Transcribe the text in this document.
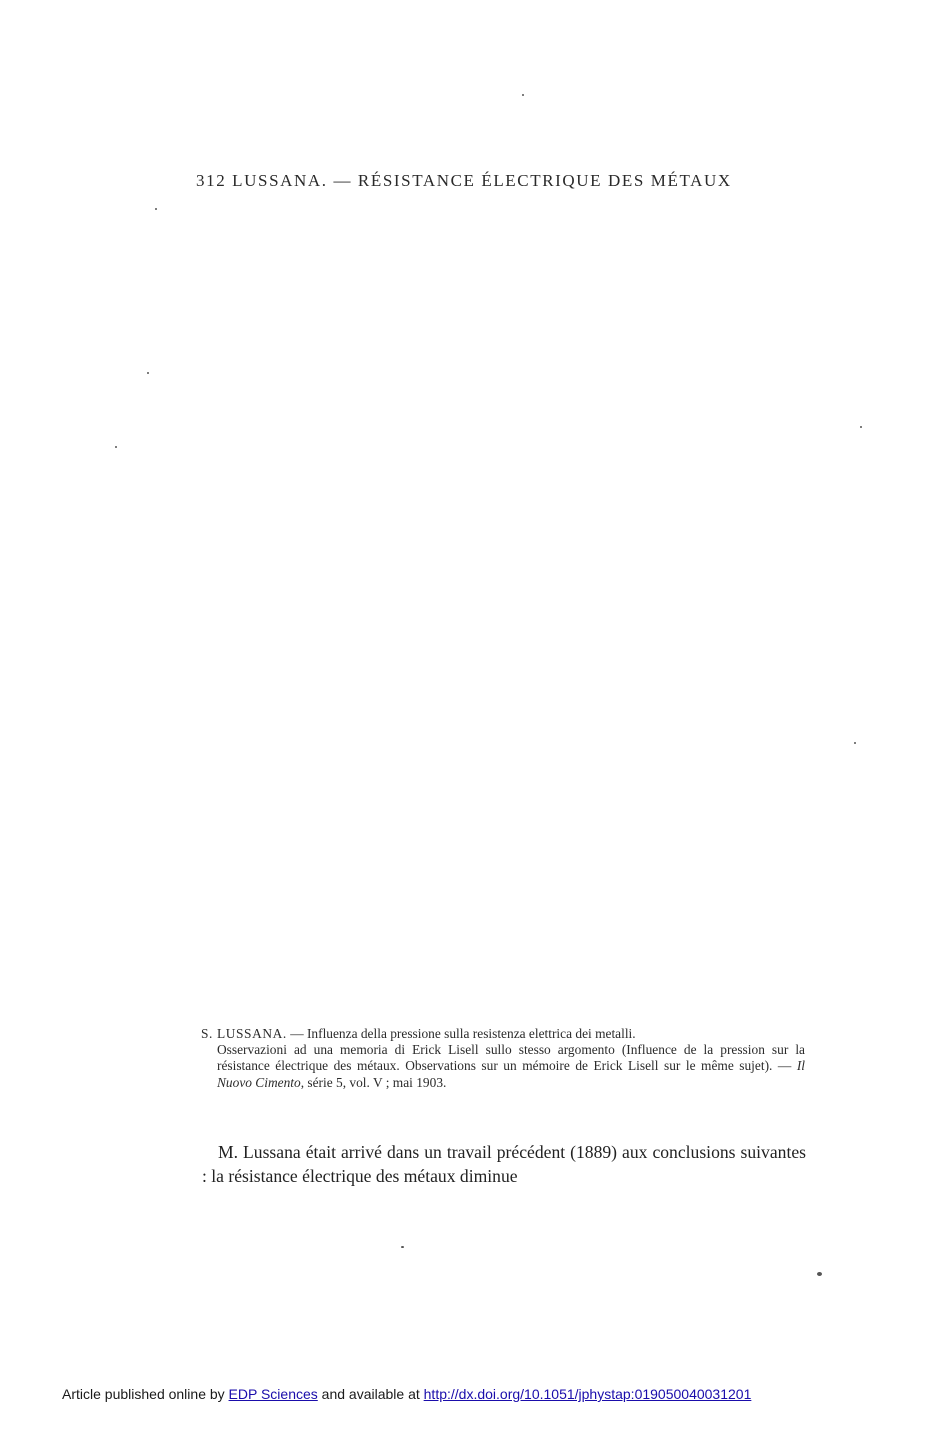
312 LUSSANA. — RÉSISTANCE ÉLECTRIQUE DES MÉTAUX
S. LUSSANA. — Influenza della pressione sulla resistenza elettrica dei metalli.
Osservazioni ad una memoria di Erick Lisell sullo stesso argomento (Influence de la pression sur la résistance électrique des métaux. Observations sur un mémoire de Erick Lisell sur le même sujet). — Il Nuovo Cimento, série 5, vol. V ; mai 1903.
M. Lussana était arrivé dans un travail précédent (1889) aux conclusions suivantes : la résistance électrique des métaux diminue
Article published online by EDP Sciences and available at http://dx.doi.org/10.1051/jphystap:019050040031201
